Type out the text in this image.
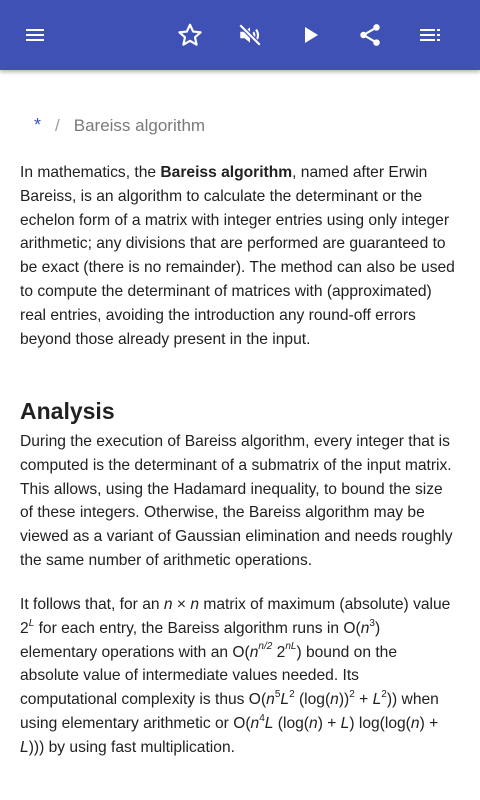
* / Bareiss algorithm

In mathematics, the Bareiss algorithm, named after Erwin Bareiss, is an algorithm to calculate the determinant or the echelon form of a matrix with integer entries using only integer arithmetic; any divisions that are performed are guaranteed to be exact (there is no remainder). The method can also be used to compute the determinant of matrices with (approximated) real entries, avoiding the introduction any round-off errors beyond those already present in the input.

Analysis

During the execution of Bareiss algorithm, every integer that is computed is the determinant of a submatrix of the input matrix. This allows, using the Hadamard inequality, to bound the size of these integers. Otherwise, the Bareiss algorithm may be viewed as a variant of Gaussian elimination and needs roughly the same number of arithmetic operations.

It follows that, for an n × n matrix of maximum (absolute) value $2^L$ for each entry, the Bareiss algorithm runs in $O(n^3)$ elementary operations with an $O(n^{n/2}$ $2^{nL}$) bound on the absolute value of intermediate values needed. Its computational complexity is thus $O(n^5L^2$ $(\log(n))^2 + L^2$)) when using elementary arithmetic or $O(n^4L$ (log(n) + L) log(log(n) + L))) by using fast multiplication.
